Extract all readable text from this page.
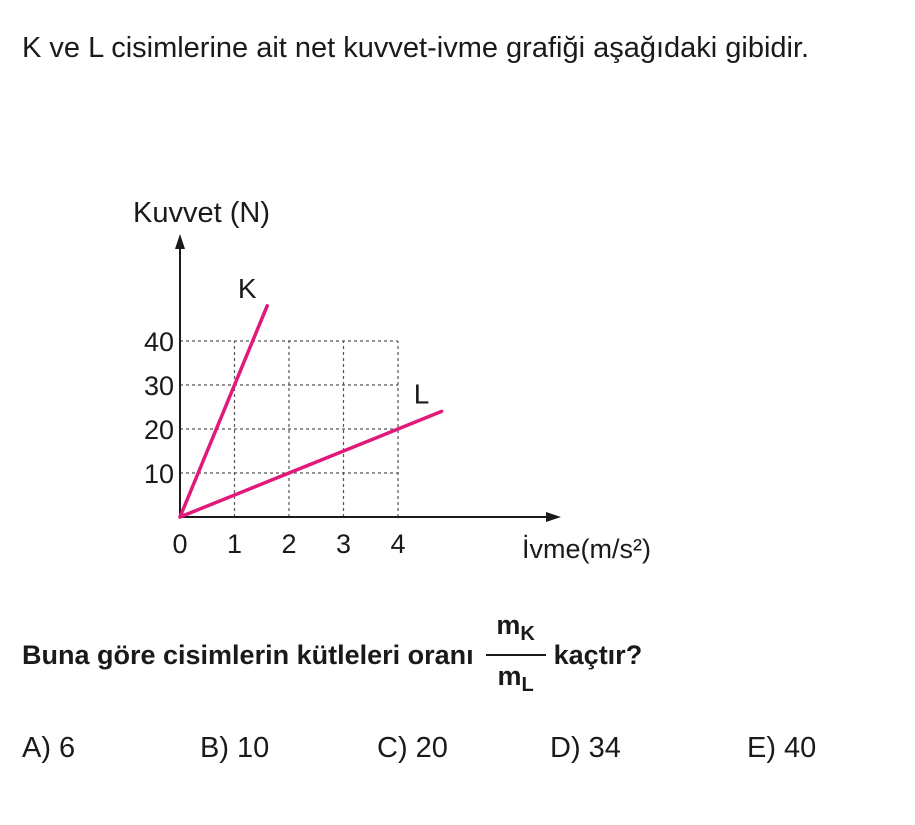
K ve L cisimlerine ait net kuvvet-ivme grafiği aşağıdaki gibidir.

10
20
30
40
0 1 2 3 4
Kuvvet (N)
İvme(m/s²)
K
L
Buna göre cisimlerin kütleleri oranı $\frac{m_K}{m_L}$ kaçtır?
A) 6	B) 10	C) 20	D) 34	E) 40
